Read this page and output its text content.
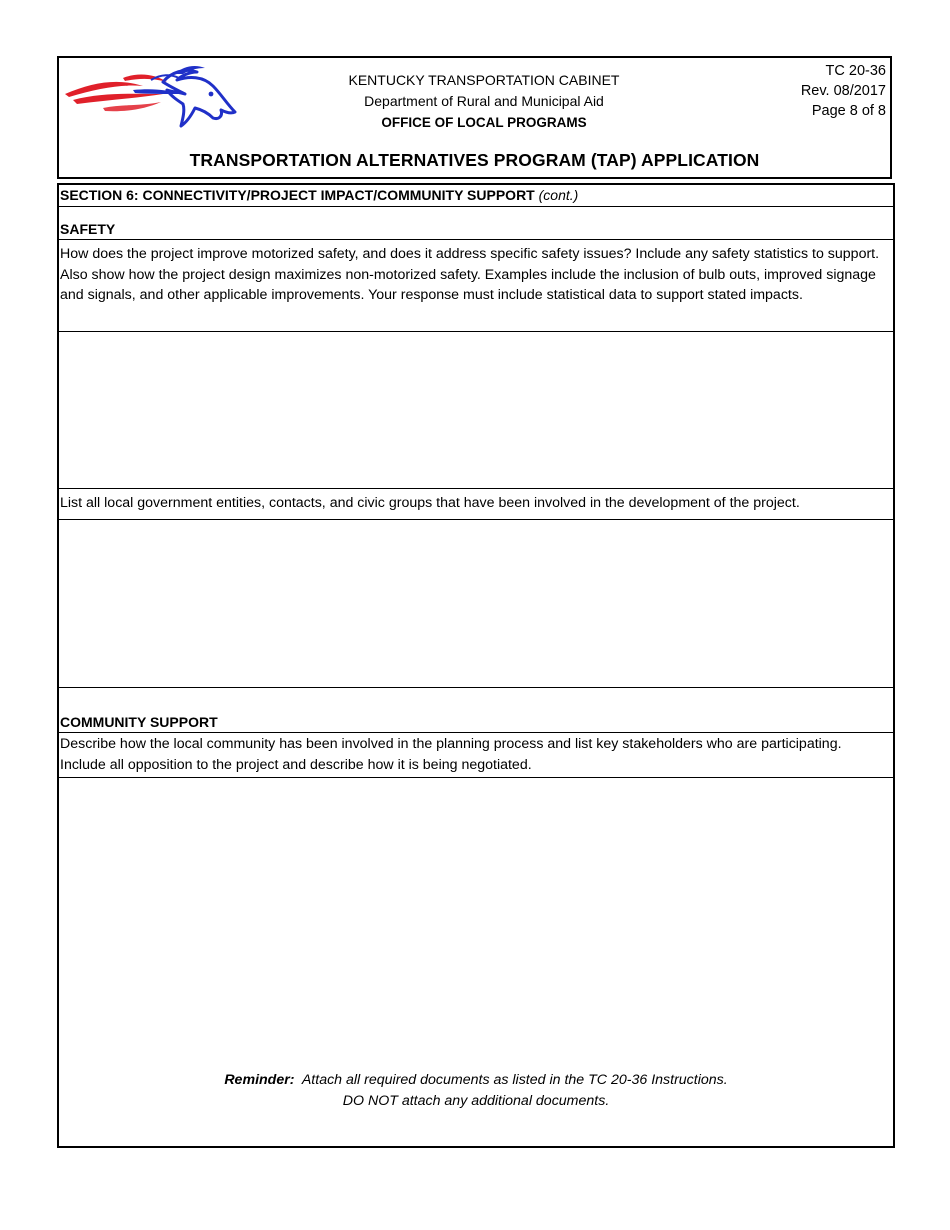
KENTUCKY TRANSPORTATION CABINET
Department of Rural and Municipal Aid
OFFICE OF LOCAL PROGRAMS
TC 20-36
Rev. 08/2017
Page 8 of 8
TRANSPORTATION ALTERNATIVES PROGRAM (TAP) APPLICATION
SECTION 6: CONNECTIVITY/PROJECT IMPACT/COMMUNITY SUPPORT (cont.)
SAFETY
How does the project improve motorized safety, and does it address specific safety issues? Include any safety statistics to support. Also show how the project design maximizes non-motorized safety. Examples include the inclusion of bulb outs, improved signage and signals, and other applicable improvements. Your response must include statistical data to support stated impacts.
List all local government entities, contacts, and civic groups that have been involved in the development of the project.
COMMUNITY SUPPORT
Describe how the local community has been involved in the planning process and list key stakeholders who are participating. Include all opposition to the project and describe how it is being negotiated.
Reminder: Attach all required documents as listed in the TC 20-36 Instructions.
DO NOT attach any additional documents.
